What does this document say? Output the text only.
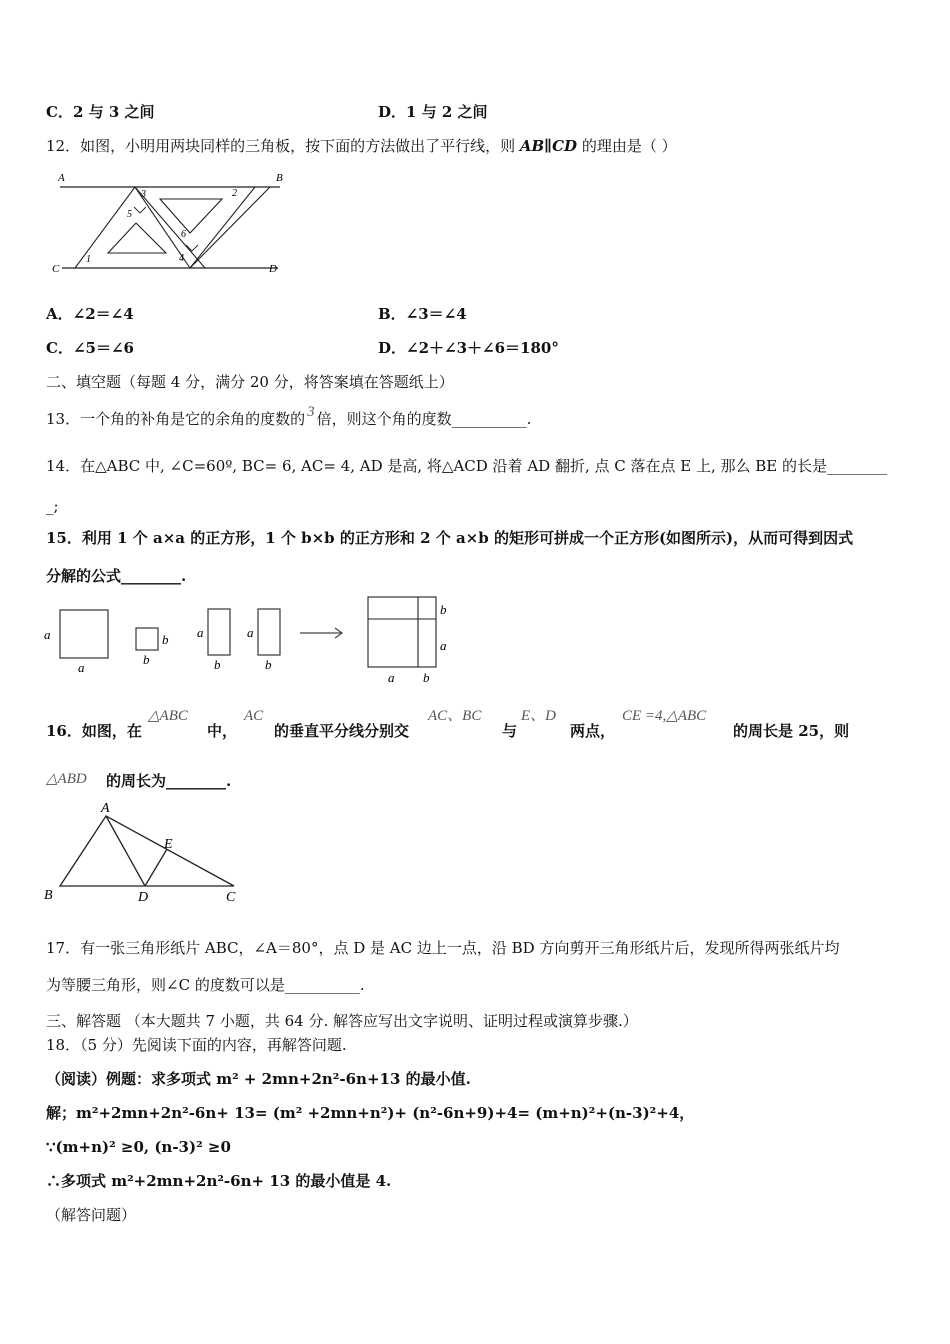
C．2 与 3 之间	D．1 与 2 之间
12．如图，小明用两块同样的三角板，按下面的方法做出了平行线，则 AB∥CD 的理由是（ ）
A	B
C	D
1
2
3
4
5
6
A．∠2＝∠4	B．∠3＝∠4
C．∠5＝∠6	D．∠2＋∠3＋∠6＝180°
二、填空题（每题 4 分，满分 20 分，将答案填在答题纸上）
13．一个角的补角是它的余角的度数的 3 倍，则这个角的度数__________.
14．在△ABC 中, ∠C=60º, BC= 6, AC= 4, AD 是高, 将△ACD 沿着 AD 翻折, 点 C 落在点 E 上, 那么 BE 的长是________
_;
15．利用 1 个 a×a 的正方形，1 个 b×b 的正方形和 2 个 a×b 的矩形可拼成一个正方形(如图所示)，从而可得到因式
分解的公式________.
a
a
b
b
a
b
a
b
b
a
a b
16．如图，在
△ABC
中，
AC
的垂直平分线分别交
AC、BC
与
E、D
两点，
CE =4,△ABC
的周长是 25，则
△ABD 的周长为________.
A
B	C
D
E
17．有一张三角形纸片 ABC，∠A＝80°，点 D 是 AC 边上一点，沿 BD 方向剪开三角形纸片后，发现所得两张纸片均
为等腰三角形，则∠C 的度数可以是__________.
三、解答题 （本大题共 7 小题，共 64 分. 解答应写出文字说明、证明过程或演算步骤.）
18．（5 分）先阅读下面的内容，再解答问题.
（阅读）例题：求多项式 m² + 2mn+2n²-6n+13 的最小值.
解；m²+2mn+2n²-6n+ 13= (m² +2mn+n²)+ (n²-6n+9)+4= (m+n)²+(n-3)²+4，
∵(m+n)² ≥0, (n-3)² ≥0
∴多项式 m²+2mn+2n²-6n+ 13 的最小值是 4.
（解答问题）
